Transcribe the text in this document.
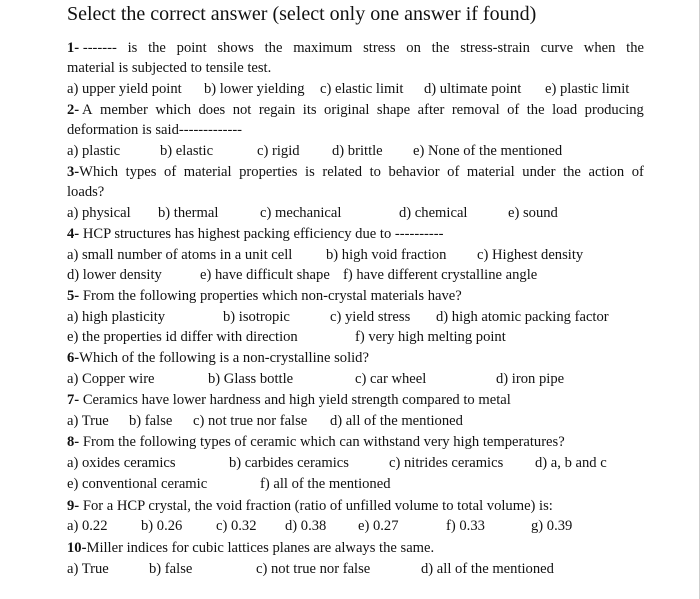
Select the correct answer (select only one answer if found)
1- ------- is the point shows the maximum stress on the stress-strain curve when the
material is subjected to tensile test.
a) upper yield point b) lower yielding c) elastic limit d) ultimate point e) plastic limit
2- A member which does not regain its original shape after removal of the load producing
deformation is said-------------
a) plastic	b) elastic	c) rigid d) brittle e) None of the mentioned
3-Which types of material properties is related to behavior of material under the action of
loads?
a) physical b) thermal	c) mechanical	d) chemical	e) sound
4- HCP structures has highest packing efficiency due to ----------
a) small number of atoms in a unit cell b) high void fraction c) Highest density
d) lower density	e) have difficult shape f) have different crystalline angle
5- From the following properties which non-crystal materials have?
a) high plasticity	b) isotropic	c) yield stress d) high atomic packing factor
e) the properties id differ with direction	f) very high melting point
6-Which of the following is a non-crystalline solid?
a) Copper wire	b) Glass bottle	c) car wheel	d) iron pipe
7- Ceramics have lower hardness and high yield strength compared to metal
a) True b) false c) not true nor false d) all of the mentioned
8- From the following types of ceramic which can withstand very high temperatures?
a) oxides ceramics	b) carbides ceramics	c) nitrides ceramics d) a, b and c
e) conventional ceramic	f) all of the mentioned
9- For a HCP crystal, the void fraction (ratio of unfilled volume to total volume) is:
a) 0.22 b) 0.26 c) 0.32 d) 0.38 e) 0.27	f) 0.33	g) 0.39
10-Miller indices for cubic lattices planes are always the same.
a) True	b) false	c) not true nor false	d) all of the mentioned
